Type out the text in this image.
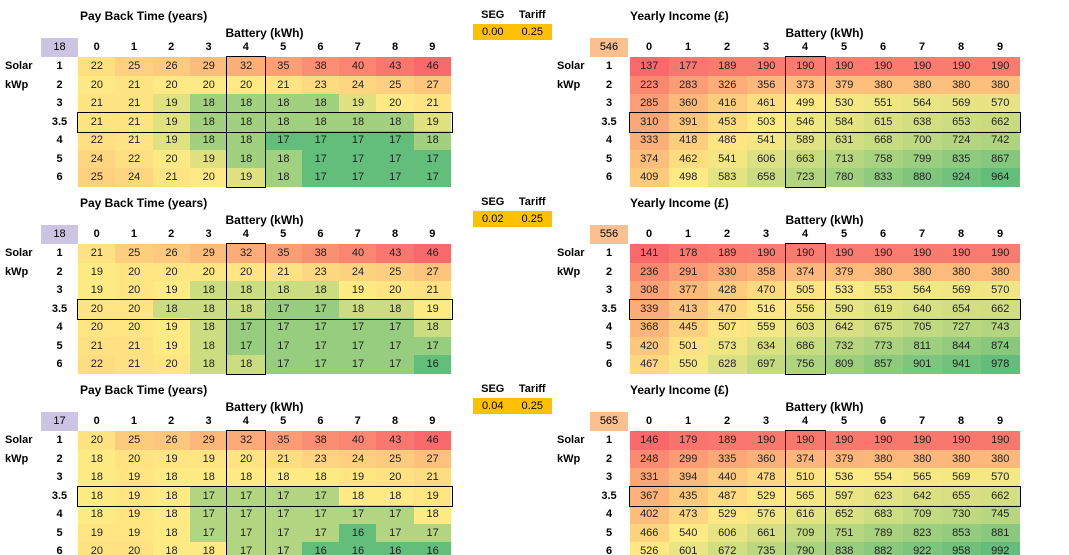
Pay Back Time (years)
Battery (kWh)
18	0	1	2	3	4	5	6	7	8	9
Solar
kWp
1	22	25	26	29	32	35	38	40	43	46
2	20	21	20	20	20	21	23	24	25	27
3	21	21	19	18	18	18	18	19	20	21
3.5	21	21	19	18	18	18	18	18	18	19
4	22	21	19	18	18	17	17	17	17	18
5	24	22	20	19	18	18	17	17	17	17
6	25	24	21	20	19	18	17	17	17	17
Yearly Income (£)
Battery (kWh)
546	0	1	2	3	4	5	6	7	8	9
Solar
kWp
1	137	177	189	190	190	190	190	190	190	190
2	223	283	326	356	373	379	380	380	380	380
3	285	360	416	461	499	530	551	564	569	570
3.5	310	391	453	503	546	584	615	638	653	662
4	333	418	486	541	589	631	668	700	724	742
5	374	462	541	606	663	713	758	799	835	867
6	409	498	583	658	723	780	833	880	924	964
SEG	Tariff
0.00	0.25
Pay Back Time (years)
Battery (kWh)
18	0	1	2	3	4	5	6	7	8	9
Solar
kWp
1	21	25	26	29	32	35	38	40	43	46
2	19	20	20	20	20	21	23	24	25	27
3	19	20	19	18	18	18	18	19	20	21
3.5	20	20	18	18	18	17	17	18	18	19
4	20	20	19	18	17	17	17	17	17	18
5	21	21	19	18	17	17	17	17	17	17
6	22	21	20	18	18	17	17	17	17	16
Yearly Income (£)
Battery (kWh)
556	0	1	2	3	4	5	6	7	8	9
Solar
kWp
1	141	178	189	190	190	190	190	190	190	190
2	236	291	330	358	374	379	380	380	380	380
3	308	377	428	470	505	533	553	564	569	570
3.5	339	413	470	516	556	590	619	640	654	662
4	368	445	507	559	603	642	675	705	727	743
5	420	501	573	634	686	732	773	811	844	874
6	467	550	628	697	756	809	857	901	941	978
SEG	Tariff
0.02	0.25
Pay Back Time (years)
Battery (kWh)
17	0	1	2	3	4	5	6	7	8	9
Solar
kWp
1	20	25	26	29	32	35	38	40	43	46
2	18	20	19	19	20	21	23	24	25	27
3	18	19	18	18	18	18	18	19	20	21
3.5	18	19	18	17	17	17	17	18	18	19
4	18	19	18	17	17	17	17	17	17	18
5	19	19	18	17	17	17	17	16	17	17
6	20	20	18	18	17	17	16	16	16	16
Yearly Income (£)
Battery (kWh)
565	0	1	2	3	4	5	6	7	8	9
Solar
kWp
1	146	179	189	190	190	190	190	190	190	190
2	248	299	335	360	374	379	380	380	380	380
3	331	394	440	478	510	536	554	565	569	570
3.5	367	435	487	529	565	597	623	642	655	662
4	402	473	529	576	616	652	683	709	730	745
5	466	540	606	661	709	751	789	823	853	881
6	526	601	672	735	790	838	882	922	958	992
SEG	Tariff
0.04	0.25
